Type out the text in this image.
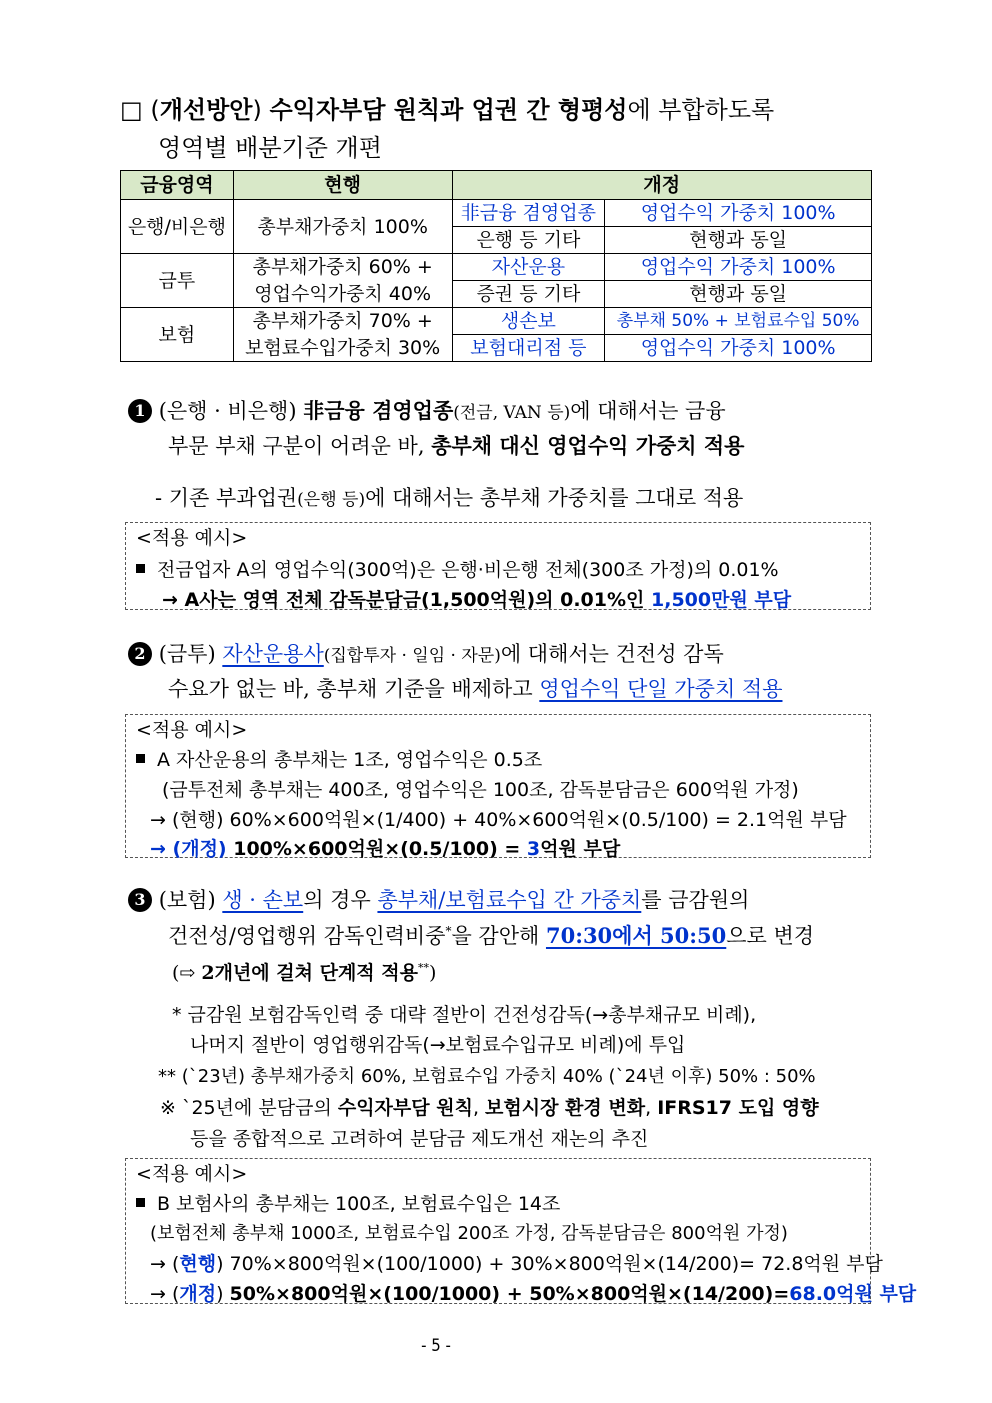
□ (개선방안) 수익자부담 원칙과 업권 간 형평성에 부합하도록
영역별 배분기준 개편
금융영역	현행	개정	
은행/비은행	총부채가중치 100%	非금융 겸영업종	영업수익 가중치 100%
		은행 등 기타	현행과 동일
금투	총부채가중치 60% +	자산운용	영업수익 가중치 100%
	영업수익가중치 40%	증권 등 기타	현행과 동일
보험	총부채가중치 70% +	생손보	총부채 50% + 보험료수입 50%
	보험료수입가중치 30%	보험대리점 등	영업수익 가중치 100%
1 (은행 · 비은행) 非금융 겸영업종(전금, VAN 등)에 대해서는 금융
부문 부채 구분이 어려운 바, 총부채 대신 영업수익 가중치 적용
- 기존 부과업권(은행 등)에 대해서는 총부채 가중치를 그대로 적용
<적용 예시>
전금업자 A의 영업수익(300억)은 은행·비은행 전체(300조 가정)의 0.01%
→ A사는 영역 전체 감독분담금(1,500억원)의 0.01%인 1,500만원 부담
2 (금투) 자산운용사(집합투자 · 일임 · 자문)에 대해서는 건전성 감독
수요가 없는 바, 총부채 기준을 배제하고 영업수익 단일 가중치 적용
<적용 예시>
A 자산운용의 총부채는 1조, 영업수익은 0.5조
(금투전체 총부채는 400조, 영업수익은 100조, 감독분담금은 600억원 가정)
→ (현행) 60%×600억원×(1/400) + 40%×600억원×(0.5/100) = 2.1억원 부담
→ (개정) 100%×600억원×(0.5/100) = 3억원 부담
3 (보험) 생 · 손보의 경우 총부채/보험료수입 간 가중치를 금감원의
건전성/영업행위 감독인력비중*을 감안해 70:30에서 50:50으로 변경
(⇨ 2개년에 걸쳐 단계적 적용**)
* 금감원 보험감독인력 중 대략 절반이 건전성감독(→총부채규모 비례),
나머지 절반이 영업행위감독(→보험료수입규모 비례)에 투입
** (`23년) 총부채가중치 60%, 보험료수입 가중치 40% (`24년 이후) 50% : 50%
※ `25년에 분담금의 수익자부담 원칙, 보험시장 환경 변화, IFRS17 도입 영향
등을 종합적으로 고려하여 분담금 제도개선 재논의 추진
<적용 예시>
B 보험사의 총부채는 100조, 보험료수입은 14조
(보험전체 총부채 1000조, 보험료수입 200조 가정, 감독분담금은 800억원 가정)
→ (현행) 70%×800억원×(100/1000) + 30%×800억원×(14/200)= 72.8억원 부담
→ (개정) 50%×800억원×(100/1000) + 50%×800억원×(14/200)=68.0억원 부담
- 5 -
